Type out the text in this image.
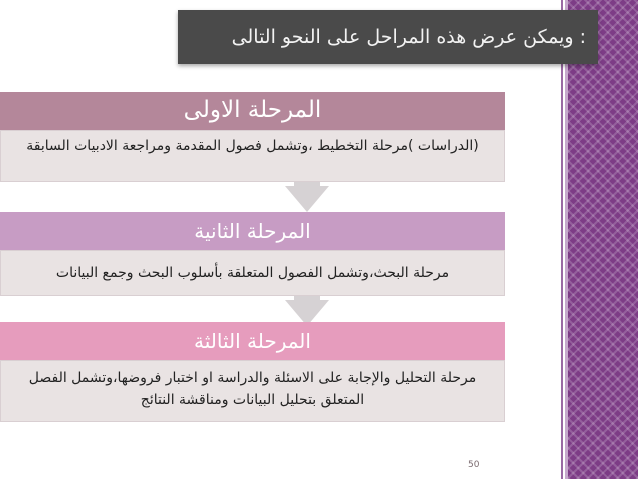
: ويمكن عرض هذه المراحل على النحو التالى
المرحلة الاولى
(الدراسات )مرحلة التخطيط ،وتشمل فصول المقدمة ومراجعة الادبيات السابقة
المرحلة الثانية
مرحلة البحث،وتشمل الفصول المتعلقة بأسلوب البحث وجمع البيانات
المرحلة الثالثة
مرحلة التحليل والإجابة على الاسئلة والدراسة او اختبار فروضها،وتشمل الفصل المتعلق بتحليل البيانات ومناقشة النتائج
50
